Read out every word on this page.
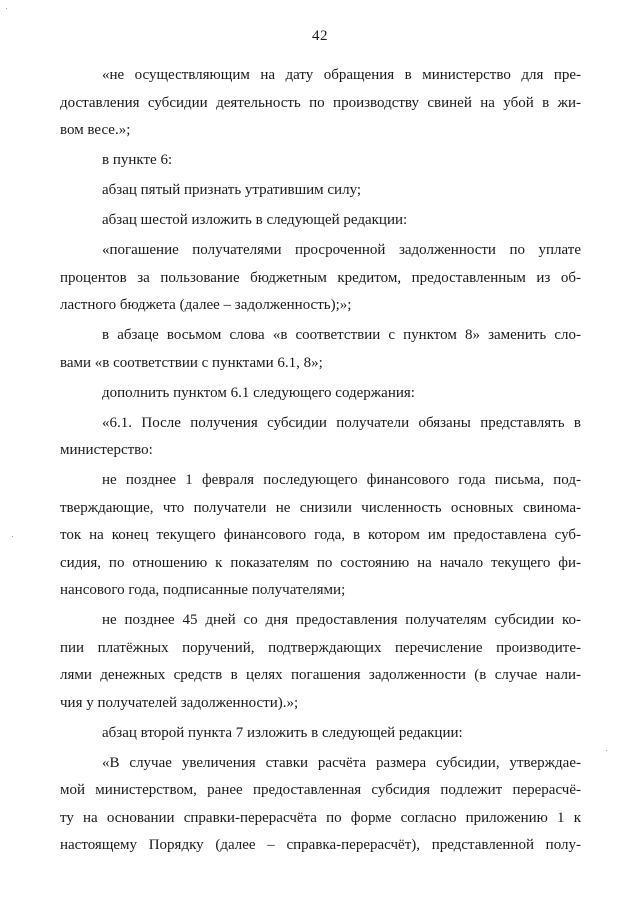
42
«не осуществляющим на дату обращения в министерство для пре-
доставления субсидии деятельность по производству свиней на убой в жи-
вом весе.»;
в пункте 6:
абзац пятый признать утратившим силу;
абзац шестой изложить в следующей редакции:
«погашение получателями просроченной задолженности по уплате
процентов за пользование бюджетным кредитом, предоставленным из об-
ластного бюджета (далее – задолженность);»;
в абзаце восьмом слова «в соответствии с пунктом 8» заменить сло-
вами «в соответствии с пунктами 6.1, 8»;
дополнить пунктом 6.1 следующего содержания:
«6.1. После получения субсидии получатели обязаны представлять в
министерство:
не позднее 1 февраля последующего финансового года письма, под-
тверждающие, что получатели не снизили численность основных свинома-
ток на конец текущего финансового года, в котором им предоставлена суб-
сидия, по отношению к показателям по состоянию на начало текущего фи-
нансового года, подписанные получателями;
не позднее 45 дней со дня предоставления получателям субсидии ко-
пии платёжных поручений, подтверждающих перечисление производите-
лями денежных средств в целях погашения задолженности (в случае нали-
чия у получателей задолженности).»;
абзац второй пункта 7 изложить в следующей редакции:
«В случае увеличения ставки расчёта размера субсидии, утверждае-
мой министерством, ранее предоставленная субсидия подлежит перерасчё-
ту на основании справки-перерасчёта по форме согласно приложению 1 к
настоящему Порядку (далее – справка-перерасчёт), представленной полу-
